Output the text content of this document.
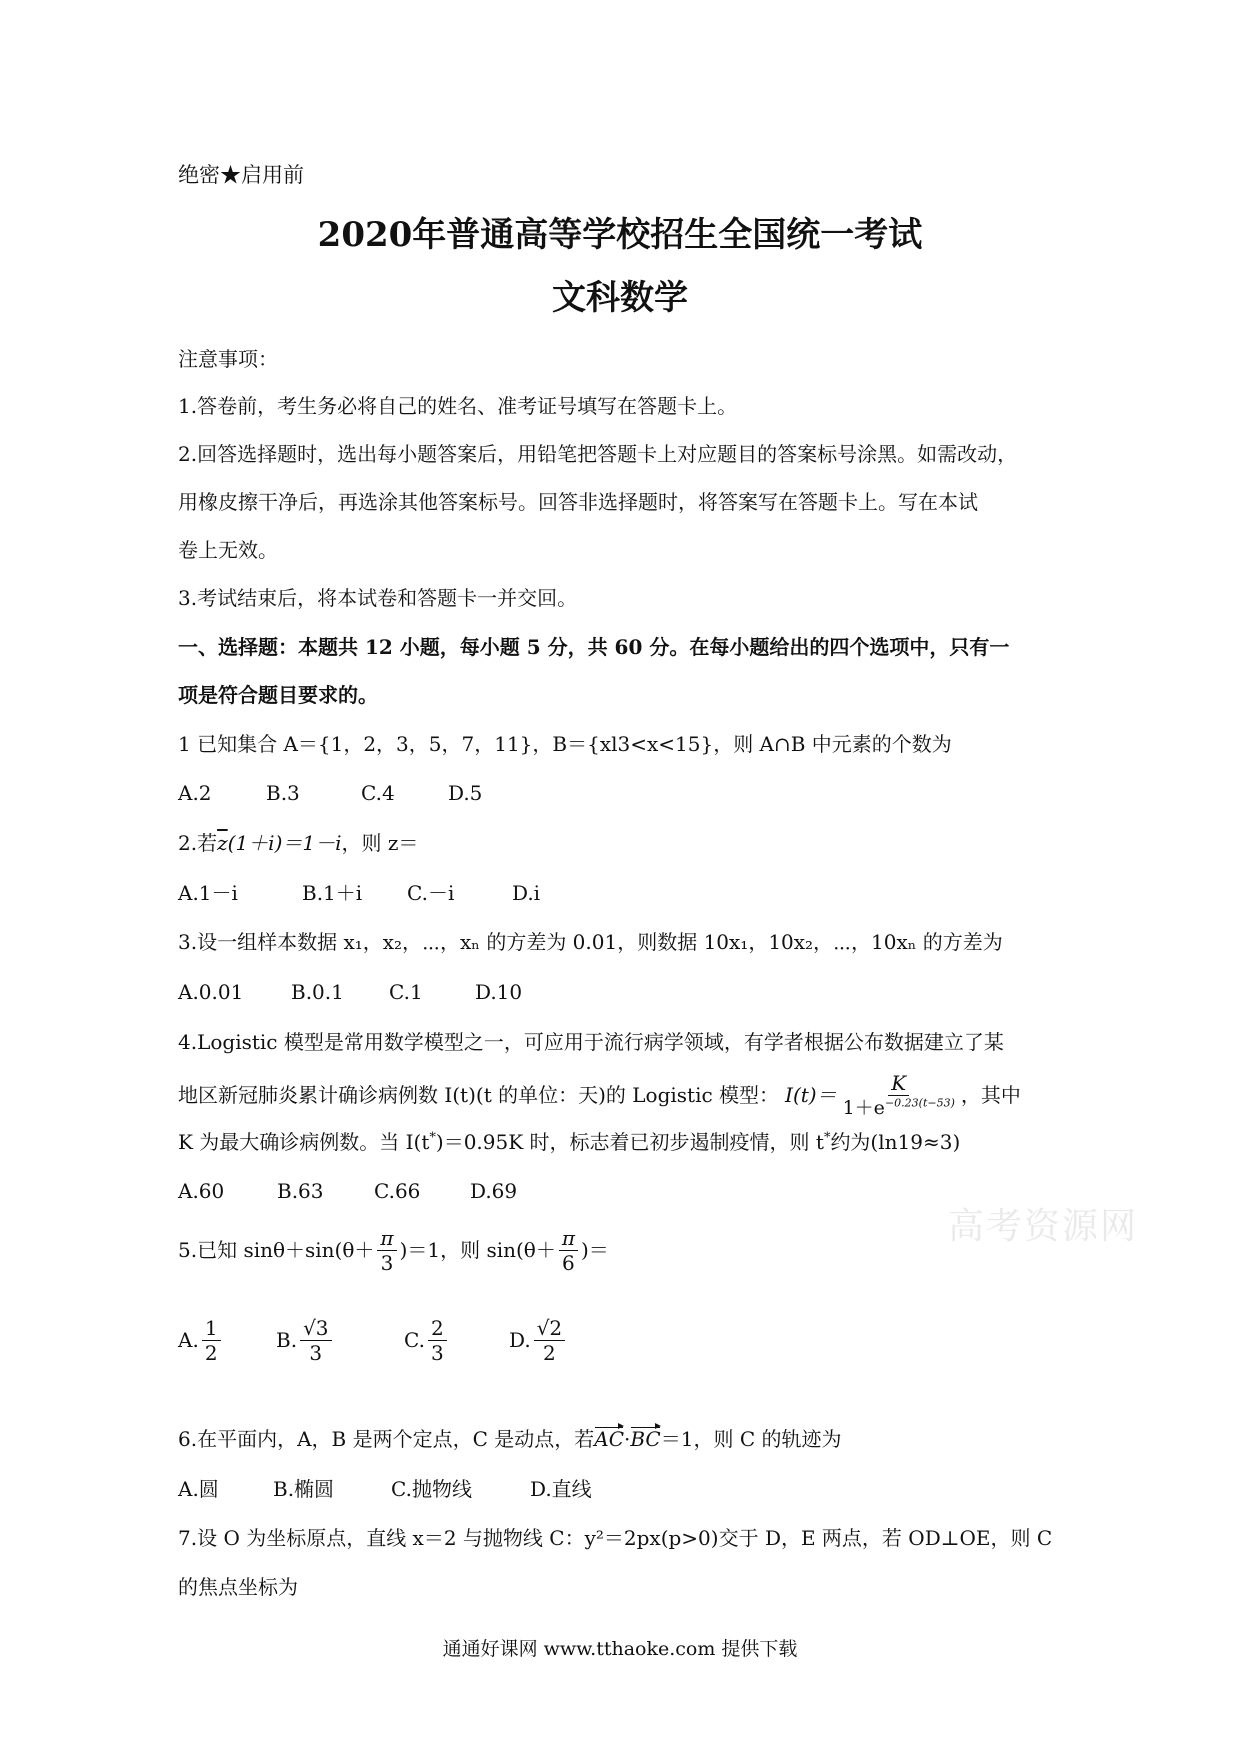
绝密★启用前
2020年普通高等学校招生全国统一考试
文科数学
注意事项：
1.答卷前，考生务必将自己的姓名、准考证号填写在答题卡上。
2.回答选择题时，选出每小题答案后，用铅笔把答题卡上对应题目的答案标号涂黑。如需改动，
用橡皮擦干净后，再选涂其他答案标号。回答非选择题时，将答案写在答题卡上。写在本试
卷上无效。
3.考试结束后，将本试卷和答题卡一并交回。
一、选择题：本题共 12 小题，每小题 5 分，共 60 分。在每小题给出的四个选项中，只有一
项是符合题目要求的。
1 已知集合 A＝{1，2，3，5，7，11}，B＝{xl3<x<15}，则 A∩B 中元素的个数为
A.2	B.3	C.4	D.5
2.若$\overline{z}(1+i)=1-i$，则 z＝
A.1－i	B.1＋i C.－i	D.i
3.设一组样本数据 x₁，x₂，⋯，xₙ 的方差为 0.01，则数据 10x₁，10x₂，⋯，10xₙ 的方差为
A.0.01 B.0.1 C.1	D.10
4.Logistic 模型是常用数学模型之一，可应用于流行病学领域，有学者根据公布数据建立了某
地区新冠肺炎累计确诊病例数 I(t)(t 的单位：天)的 Logistic 模型： $I(t)= \frac{K}{1+e^{-0.23(t-53)}}$ ，其中
K 为最大确诊病例数。当 I(t*)＝0.95K 时，标志着已初步遏制疫情，则 t*约为(ln19≈3)
A.60	B.63	C.66 D.69
5.已知 $\sin\theta+\sin(\theta+ \frac{\pi}{3} )=1$，则 $\sin(\theta+ \frac{\pi}{6}$ )＝
A. $\frac{1}{2}$	B. $\frac{√3}{3}$	C. $\frac{2}{3}$	D. $\frac{√2}{2}$
6.在平面内，A，B 是两个定点，C 是动点，若AC·BC＝1，则 C 的轨迹为
A.圆	B.椭圆	C.抛物线	D.直线
7.设 O 为坐标原点，直线 x＝2 与抛物线 C：y²＝2px(p>0)交于 D，E 两点，若 OD⊥OE，则 C
的焦点坐标为
高考资源网
通通好课网 www.tthaoke.com 提供下载
